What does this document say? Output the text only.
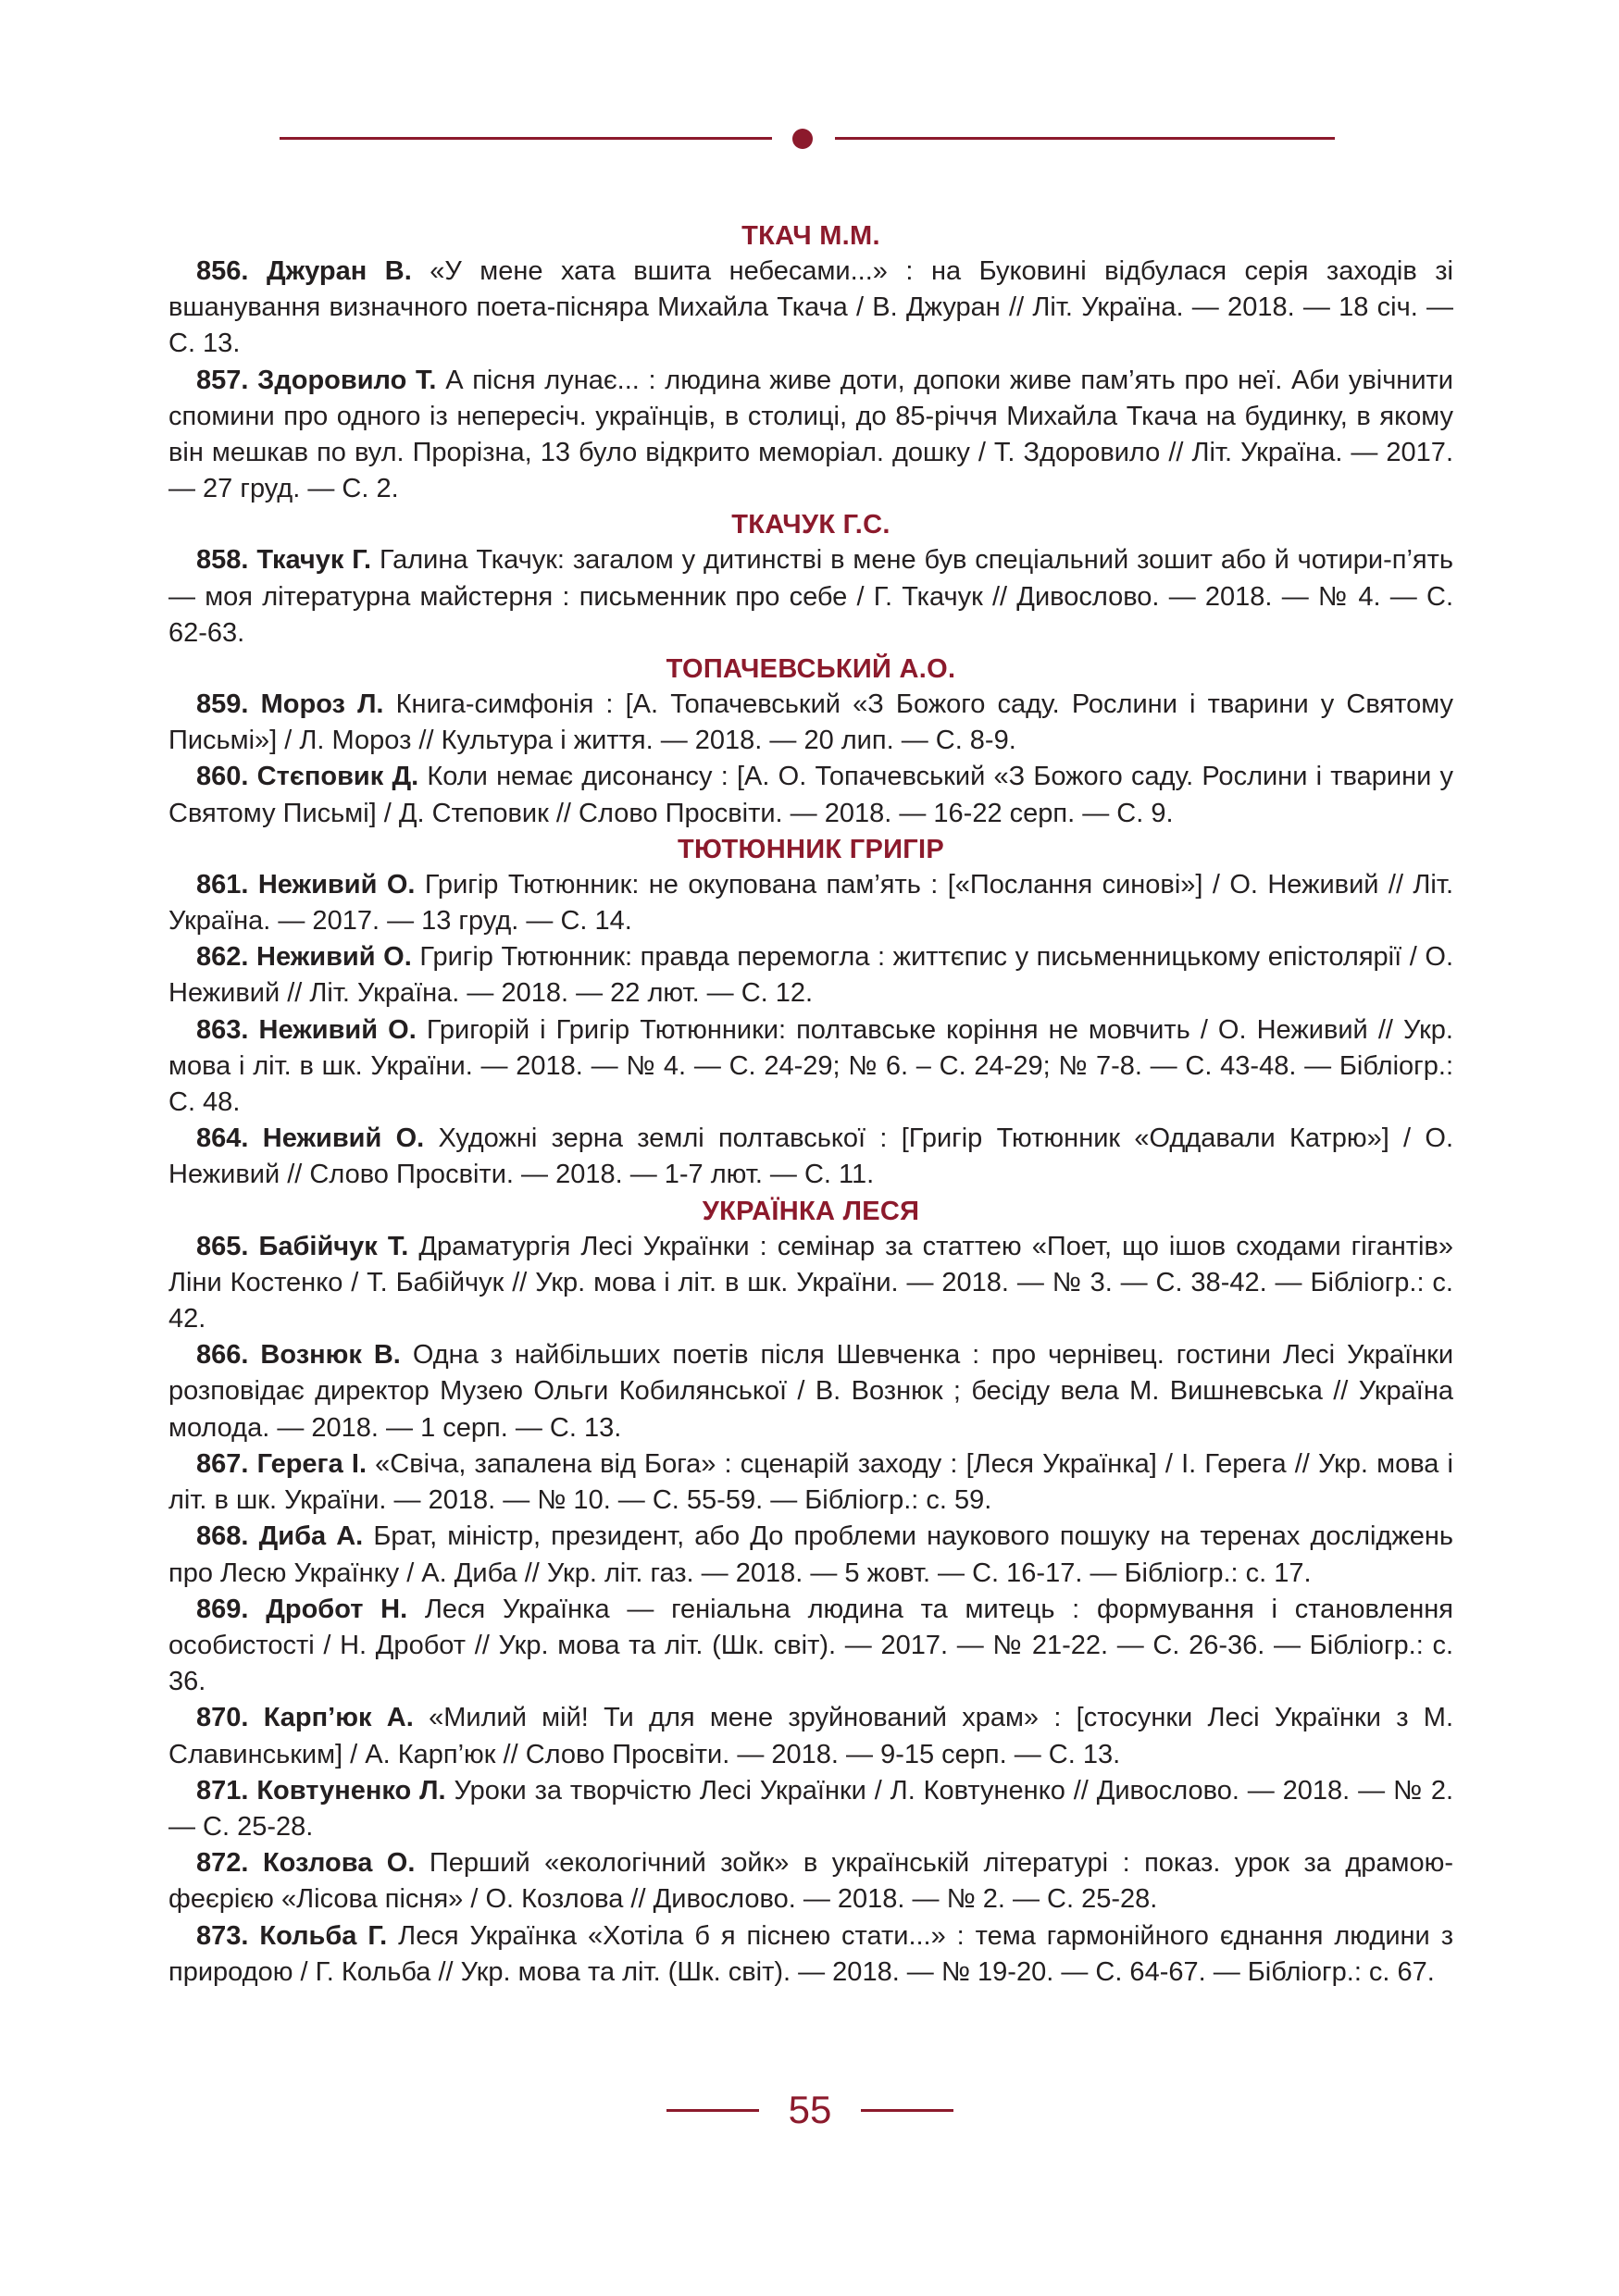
ТКАЧ М.М.

856. Джуран В. «У мене хата вшита небесами...» : на Буковині відбулася серія заходів зі вшанування визначного поета-пісняра Михайла Ткача / В. Джуран // Літ. Україна. — 2018. — 18 січ. — С. 13.

857. Здоровило Т. А пісня лунає... : людина живе доти, допоки живе пам’ять про неї. Аби увічнити спомини про одного із непересіч. українців, в столиці, до 85-річчя Михайла Ткача на будинку, в якому він мешкав по вул. Прорізна, 13 було відкрито меморіал. дошку / Т. Здоровило // Літ. Україна. — 2017. — 27 груд. — С. 2.

ТКАЧУК Г.С.

858. Ткачук Г. Галина Ткачук: загалом у дитинстві в мене був спеціальний зошит або й чотири-п’ять — моя літературна майстерня : письменник про себе / Г. Ткачук // Дивослово. — 2018. — № 4. — С. 62-63.

ТОПАЧЕВСЬКИЙ А.О.

859. Мороз Л. Книга-симфонія : [А. Топачевський «З Божого саду. Рослини і тварини у Святому Письмі»] / Л. Мороз // Культура і життя. — 2018. — 20 лип. — С. 8-9.

860. Стєповик Д. Коли немає дисонансу : [А. О. Топачевський «З Божого саду. Рослини і тварини у Святому Письмі] / Д. Степовик // Слово Просвіти. — 2018. — 16-22 серп. — С. 9.

ТЮТЮННИК ГРИГІР

861. Неживий О. Григір Тютюнник: не окупована пам’ять : [«Послання синові»] / О. Неживий // Літ. Україна. — 2017. — 13 груд. — С. 14.

862. Неживий О. Григір Тютюнник: правда перемогла : життєпис у письменницькому епістолярії / О. Неживий // Літ. Україна. — 2018. — 22 лют. — С. 12.

863. Неживий О. Григорій і Григір Тютюнники: полтавське коріння не мовчить / О. Неживий // Укр. мова і літ. в шк. України. — 2018. — № 4. — С. 24-29; № 6. – С. 24-29; № 7-8. — С. 43-48. — Бібліогр.: С. 48.

864. Неживий О. Художні зерна землі полтавської : [Григір Тютюнник «Оддавали Катрю»] / О. Неживий // Слово Просвіти. — 2018. — 1-7 лют. — С. 11.

УКРАЇНКА ЛЕСЯ

865. Бабійчук Т. Драматургія Лесі Українки : семінар за статтею «Поет, що ішов сходами гігантів» Ліни Костенко / Т. Бабійчук // Укр. мова і літ. в шк. України. — 2018. — № 3. — С. 38-42. — Бібліогр.: с. 42.

866. Вознюк В. Одна з найбільших поетів після Шевченка : про чернівец. гостини Лесі Українки розповідає директор Музею Ольги Кобилянської / В. Вознюк ; бесіду вела М. Вишневська // Україна молода. — 2018. — 1 серп. — С. 13.

867. Герега І. «Свіча, запалена від Бога» : сценарій заходу : [Леся Українка] / І. Герега // Укр. мова і літ. в шк. України. — 2018. — № 10. — С. 55-59. — Бібліогр.: с. 59.

868. Диба А. Брат, міністр, президент, або До проблеми наукового пошуку на теренах досліджень про Лесю Українку / А. Диба // Укр. літ. газ. — 2018. — 5 жовт. — С. 16-17. — Бібліогр.: с. 17.

869. Дробот Н. Леся Українка — геніальна людина та митець : формування і становлення особистості / Н. Дробот // Укр. мова та літ. (Шк. світ). — 2017. — № 21-22. — С. 26-36. — Бібліогр.: с. 36.

870. Карп’юк А. «Милий мій! Ти для мене зруйнований храм» : [стосунки Лесі Українки з М. Славинським] / А. Карп’юк // Слово Просвіти. — 2018. — 9-15 серп. — С. 13.

871. Ковтуненко Л. Уроки за творчістю Лесі Українки / Л. Ковтуненко // Дивослово. — 2018. — № 2. — С. 25-28.

872. Козлова О. Перший «екологічний зойк» в українській літературі : показ. урок за драмою-феєрією «Лісова пісня» / О. Козлова // Дивослово. — 2018. — № 2. — С. 25-28.

873. Кольба Г. Леся Українка «Хотіла б я піснею стати...» : тема гармонійного єднання людини з природою / Г. Кольба // Укр. мова та літ. (Шк. світ). — 2018. — № 19-20. — С. 64-67. — Бібліогр.: с. 67.

55
